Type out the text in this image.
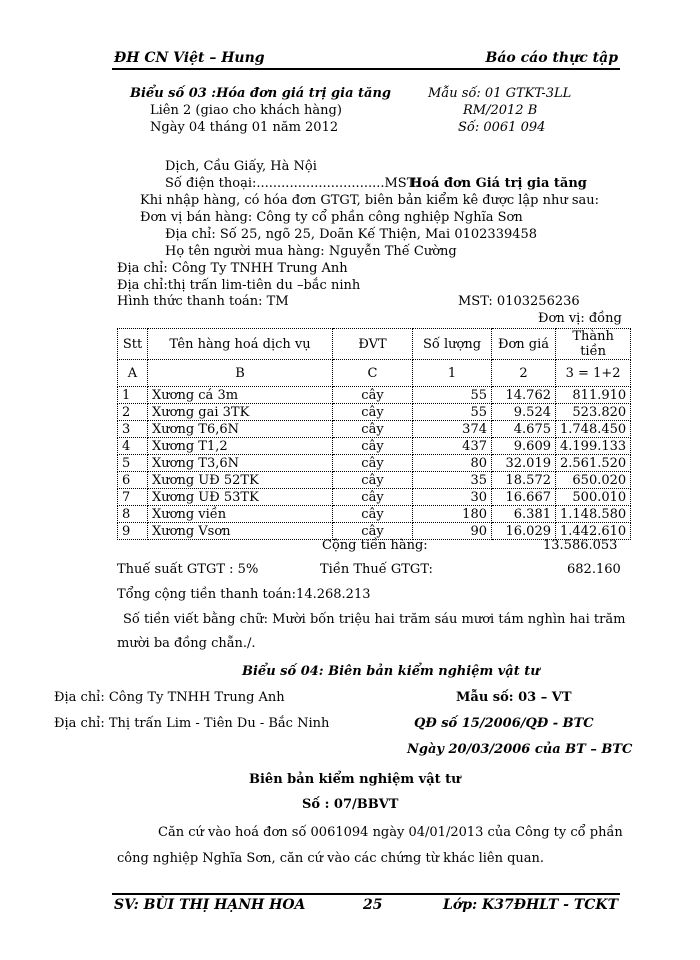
ĐH CN Việt – Hung	Báo cáo thực tập
Biểu số 03 :Hóa đơn giá trị gia tăng
Liên 2 (giao cho khách hàng)
Ngày 04 tháng 01 năm 2012
Mẫu số: 01 GTKT-3LL
RM/2012 B
Số: 0061 094
Dịch, Cầu Giấy, Hà Nội
Số điện thoại:...............................MST:
Hoá đơn Giá trị gia tăng
Khi nhập hàng, có hóa đơn GTGT, biên bản kiểm kê được lập như sau:
Đơn vị bán hàng: Công ty cổ phần công nghiệp Nghĩa Sơn
Địa chỉ: Số 25, ngõ 25, Doãn Kế Thiện, Mai 0102339458
Họ tên người mua hàng: Nguyễn Thế Cường
Địa chỉ: Công Ty TNHH Trung Anh
Địa chỉ:thị trấn lim-tiên du –bắc ninh
Hình thức thanh toán: TM	MST: 0103256236
Đơn vị: đồng
Stt	Tên hàng hoá dịch vụ	ĐVT	Số lượng	Đơn giá	Thành tiền
A	B	C	1	2	3 = 1+2
1	Xương cá 3m	cây	55	14.762	811.910
2	Xương gai 3TK	cây	55	9.524	523.820
3	Xương T6,6N	cây	374	4.675	1.748.450
4	Xương T1,2	cây	437	9.609	4.199.133
5	Xương T3,6N	cây	80	32.019	2.561.520
6	Xương UĐ 52TK	cây	35	18.572	650.020
7	Xương UĐ 53TK	cây	30	16.667	500.010
8	Xương viền	cây	180	6.381	1.148.580
9	Xương Vsơn	cây	90	16.029	1.442.610
Cộng tiền hàng:	13.586.053
Thuế suất GTGT : 5%	Tiền Thuế GTGT:	682.160
Tổng cộng tiền thanh toán:14.268.213
Số tiền viết bằng chữ: Mười bốn triệu hai trăm sáu mươi tám nghìn hai trăm
mười ba đồng chẵn./.
Biểu số 04: Biên bản kiểm nghiệm vật tư
Địa chỉ: Công Ty TNHH Trung Anh	Mẫu số: 03 – VT
Địa chỉ: Thị trấn Lim - Tiên Du - Bắc Ninh	QĐ số 15/2006/QĐ - BTC
Ngày 20/03/2006 của BT – BTC
Biên bản kiểm nghiệm vật tư
Số : 07/BBVT
Căn cứ vào hoá đơn số 0061094 ngày 04/01/2013 của Công ty cổ phần
công nghiệp Nghĩa Sơn, căn cứ vào các chứng từ khác liên quan.
SV: BÙI THỊ HẠNH HOA	25	Lớp: K37ĐHLT - TCKT
